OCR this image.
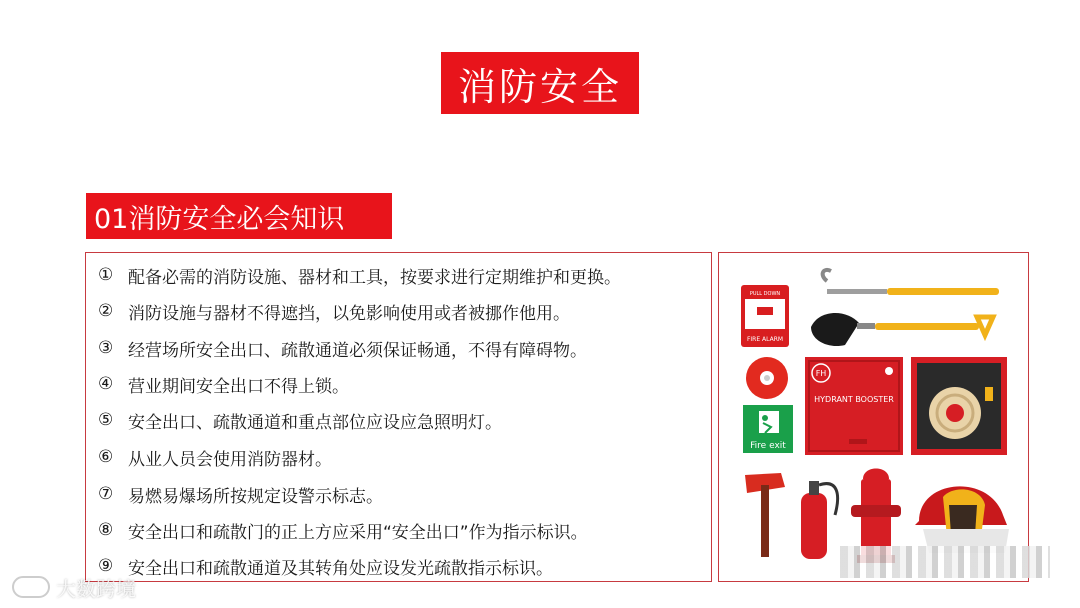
消防安全
01消防安全必会知识
① 配备必需的消防设施、器材和工具，按要求进行定期维护和更换。
② 消防设施与器材不得遮挡，以免影响使用或者被挪作他用。
③ 经营场所安全出口、疏散通道必须保证畅通，不得有障碍物。
④ 营业期间安全出口不得上锁。
⑤ 安全出口、疏散通道和重点部位应设应急照明灯。
⑥ 从业人员会使用消防器材。
⑦ 易燃易爆场所按规定设警示标志。
⑧ 安全出口和疏散门的正上方应采用“安全出口”作为指示标识。
⑨ 安全出口和疏散通道及其转角处应设发光疏散指示标识。
PULL DOWN
FIRE ALARM
Fire exit
FH
HYDRANT BOOSTER
大数跨境
